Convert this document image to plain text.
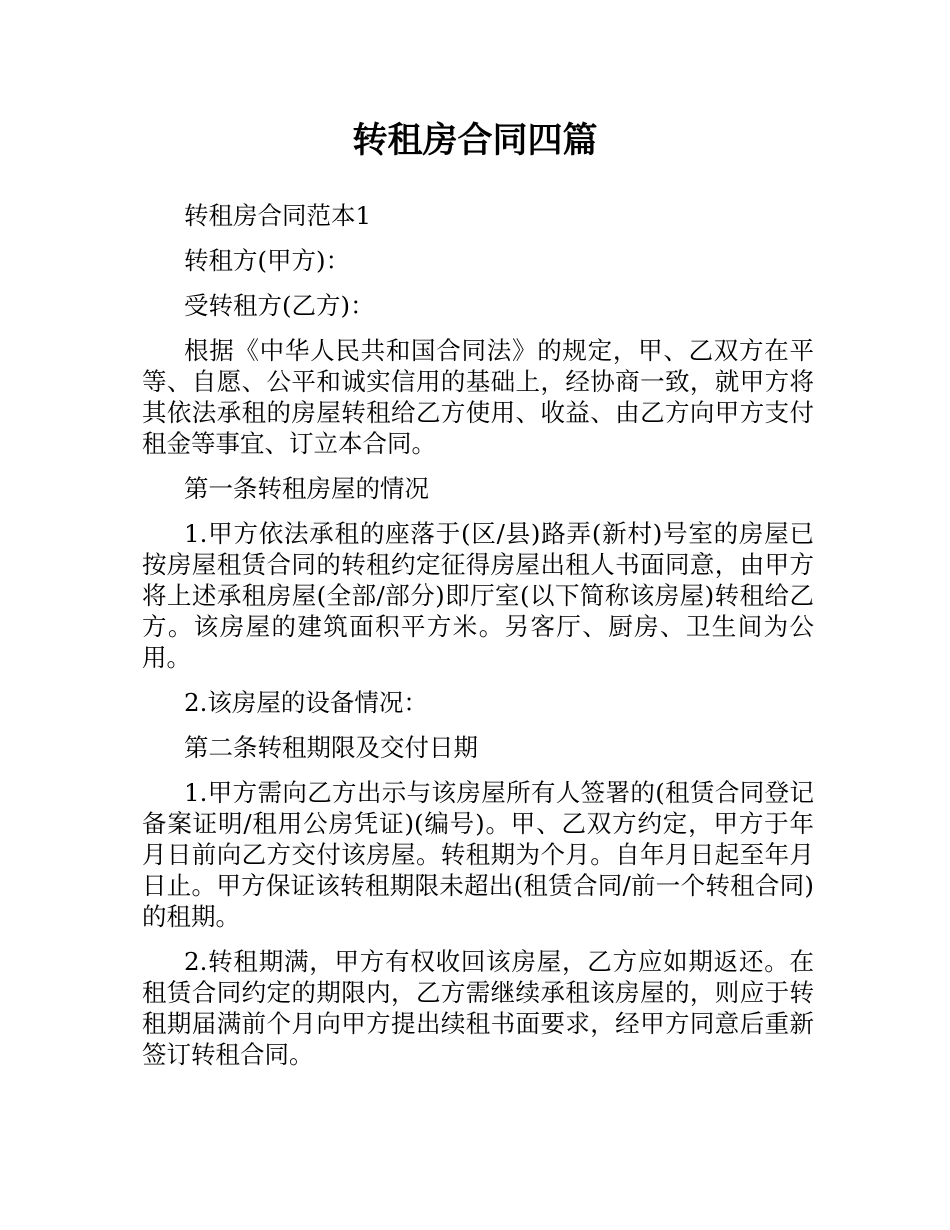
转租房合同四篇

转租房合同范本1

转租方(甲方)：

受转租方(乙方)：

根据《中华人民共和国合同法》的规定，甲、乙双方在平等、自愿、公平和诚实信用的基础上，经协商一致，就甲方将其依法承租的房屋转租给乙方使用、收益、由乙方向甲方支付租金等事宜、订立本合同。

第一条转租房屋的情况

1.甲方依法承租的座落于(区/县)路弄(新村)号室的房屋已按房屋租赁合同的转租约定征得房屋出租人书面同意，由甲方将上述承租房屋(全部/部分)即厅室(以下简称该房屋)转租给乙方。该房屋的建筑面积平方米。另客厅、厨房、卫生间为公用。

2.该房屋的设备情况：

第二条转租期限及交付日期

1.甲方需向乙方出示与该房屋所有人签署的(租赁合同登记备案证明/租用公房凭证)(编号)。甲、乙双方约定，甲方于年月日前向乙方交付该房屋。转租期为个月。自年月日起至年月日止。甲方保证该转租期限未超出(租赁合同/前一个转租合同)的租期。

2.转租期满，甲方有权收回该房屋，乙方应如期返还。在租赁合同约定的期限内，乙方需继续承租该房屋的，则应于转租期届满前个月向甲方提出续租书面要求，经甲方同意后重新签订转租合同。
